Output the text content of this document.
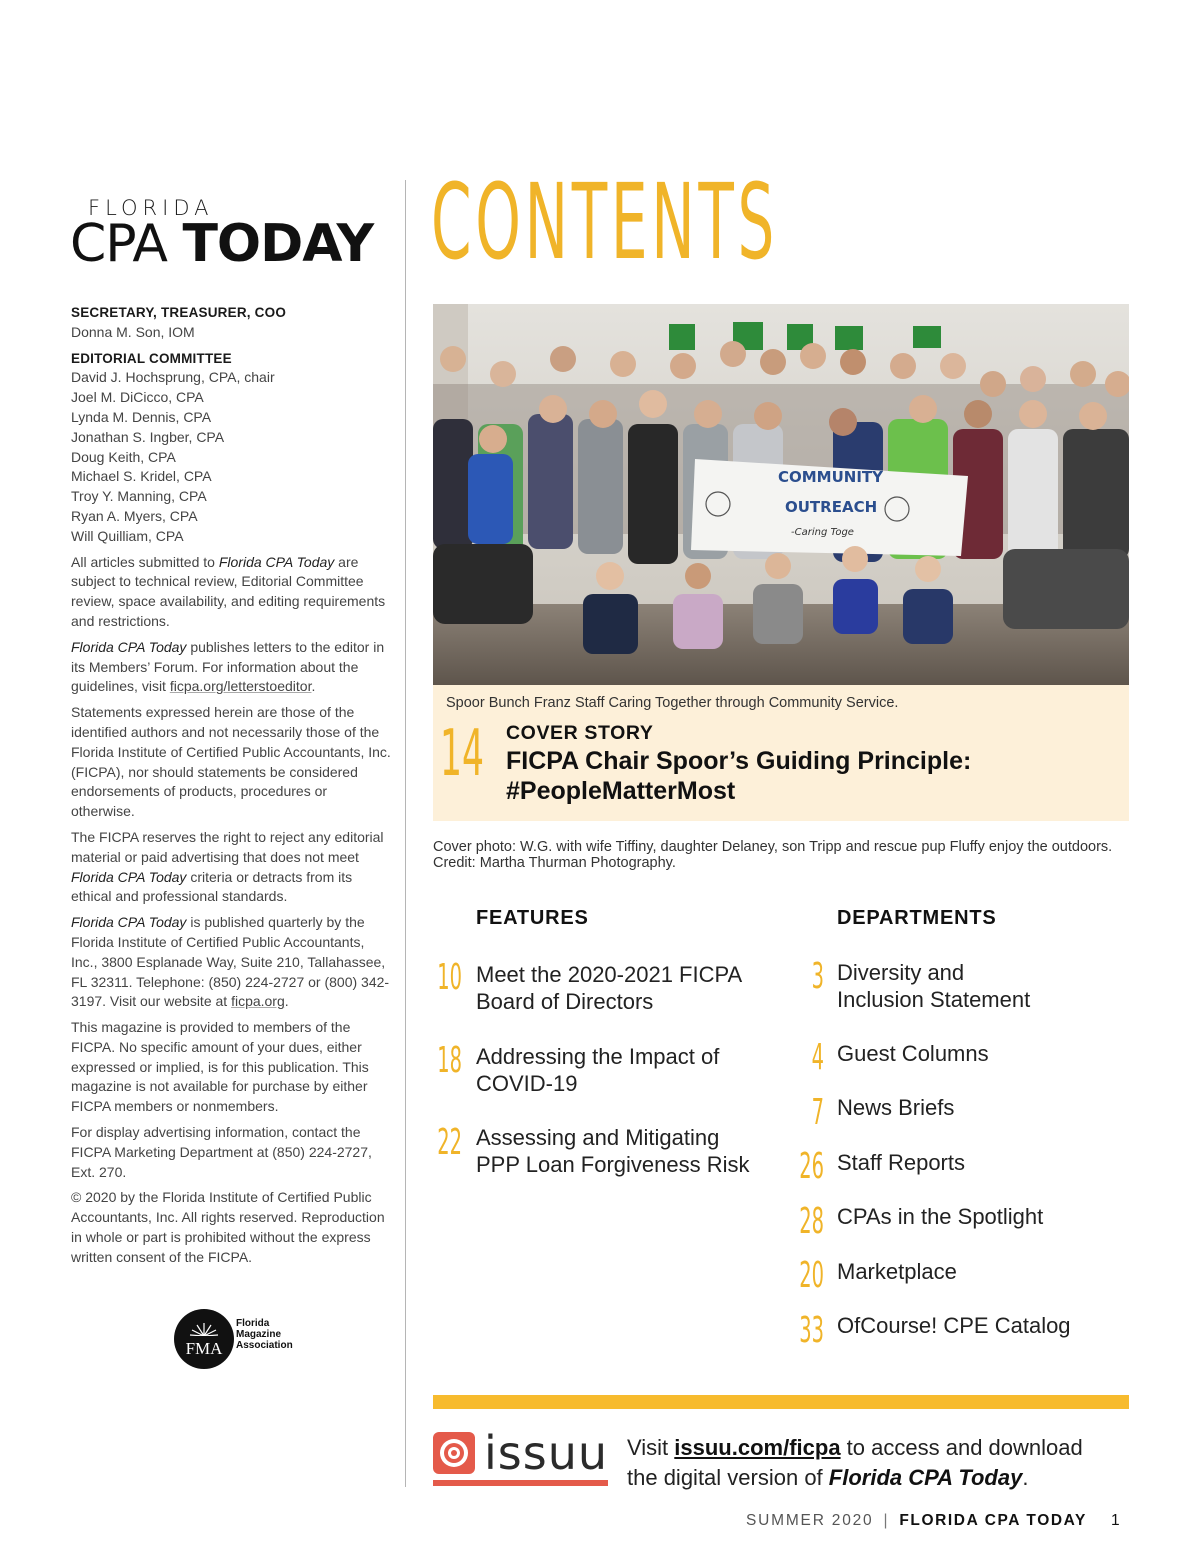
FLORIDA
CPA TODAY
SECRETARY, TREASURER, COO
Donna M. Son, IOM
EDITORIAL COMMITTEE
David J. Hochsprung, CPA, chair
Joel M. DiCicco, CPA
Lynda M. Dennis, CPA
Jonathan S. Ingber, CPA
Doug Keith, CPA
Michael S. Kridel, CPA
Troy Y. Manning, CPA
Ryan A. Myers, CPA
Will Quilliam, CPA

All articles submitted to Florida CPA Today are subject to technical review, Editorial Committee review, space availability, and editing requirements and restrictions.

Florida CPA Today publishes letters to the editor in its Members’ Forum. For information about the guidelines, visit ficpa.org/letterstoeditor.

Statements expressed herein are those of the identified authors and not necessarily those of the Florida Institute of Certified Public Accountants, Inc. (FICPA), nor should statements be considered endorsements of products, procedures or otherwise.

The FICPA reserves the right to reject any editorial material or paid advertising that does not meet Florida CPA Today criteria or detracts from its ethical and professional standards.

Florida CPA Today is published quarterly by the Florida Institute of Certified Public Accountants, Inc., 3800 Esplanade Way, Suite 210, Tallahassee, FL 32311. Telephone: (850) 224-2727 or (800) 342-3197. Visit our website at ficpa.org.

This magazine is provided to members of the FICPA. No specific amount of your dues, either expressed or implied, is for this publication. This magazine is not available for purchase by either FICPA members or nonmembers.

For display advertising information, contact the FICPA Marketing Department at (850) 224-2727, Ext. 270.

© 2020 by the Florida Institute of Certified Public Accountants, Inc. All rights reserved. Reproduction in whole or part is prohibited without the express written consent of the FICPA.

FMA
Florida
Magazine
Association
CONTENTS
COMMUNITY
OUTREACH
-Caring Toge
Spoor Bunch Franz Staff Caring Together through Community Service.
14 COVER STORY
FICPA Chair Spoor’s Guiding Principle:
#PeopleMatterMost
Cover photo: W.G. with wife Tiffiny, daughter Delaney, son Tripp and rescue pup Fluffy enjoy the outdoors. Credit: Martha Thurman Photography.
FEATURES
10 Meet the 2020-2021 FICPA
Board of Directors
18 Addressing the Impact of
COVID-19
22 Assessing and Mitigating
PPP Loan Forgiveness Risk
DEPARTMENTS
3 Diversity and
Inclusion Statement
4 Guest Columns
7 News Briefs
26 Staff Reports
28 CPAs in the Spotlight
20 Marketplace
33 OfCourse! CPE Catalog
issuu Visit issuu.com/ficpa to access and download
the digital version of Florida CPA Today.
SUMMER 2020 | FLORIDA CPA TODAY 1
